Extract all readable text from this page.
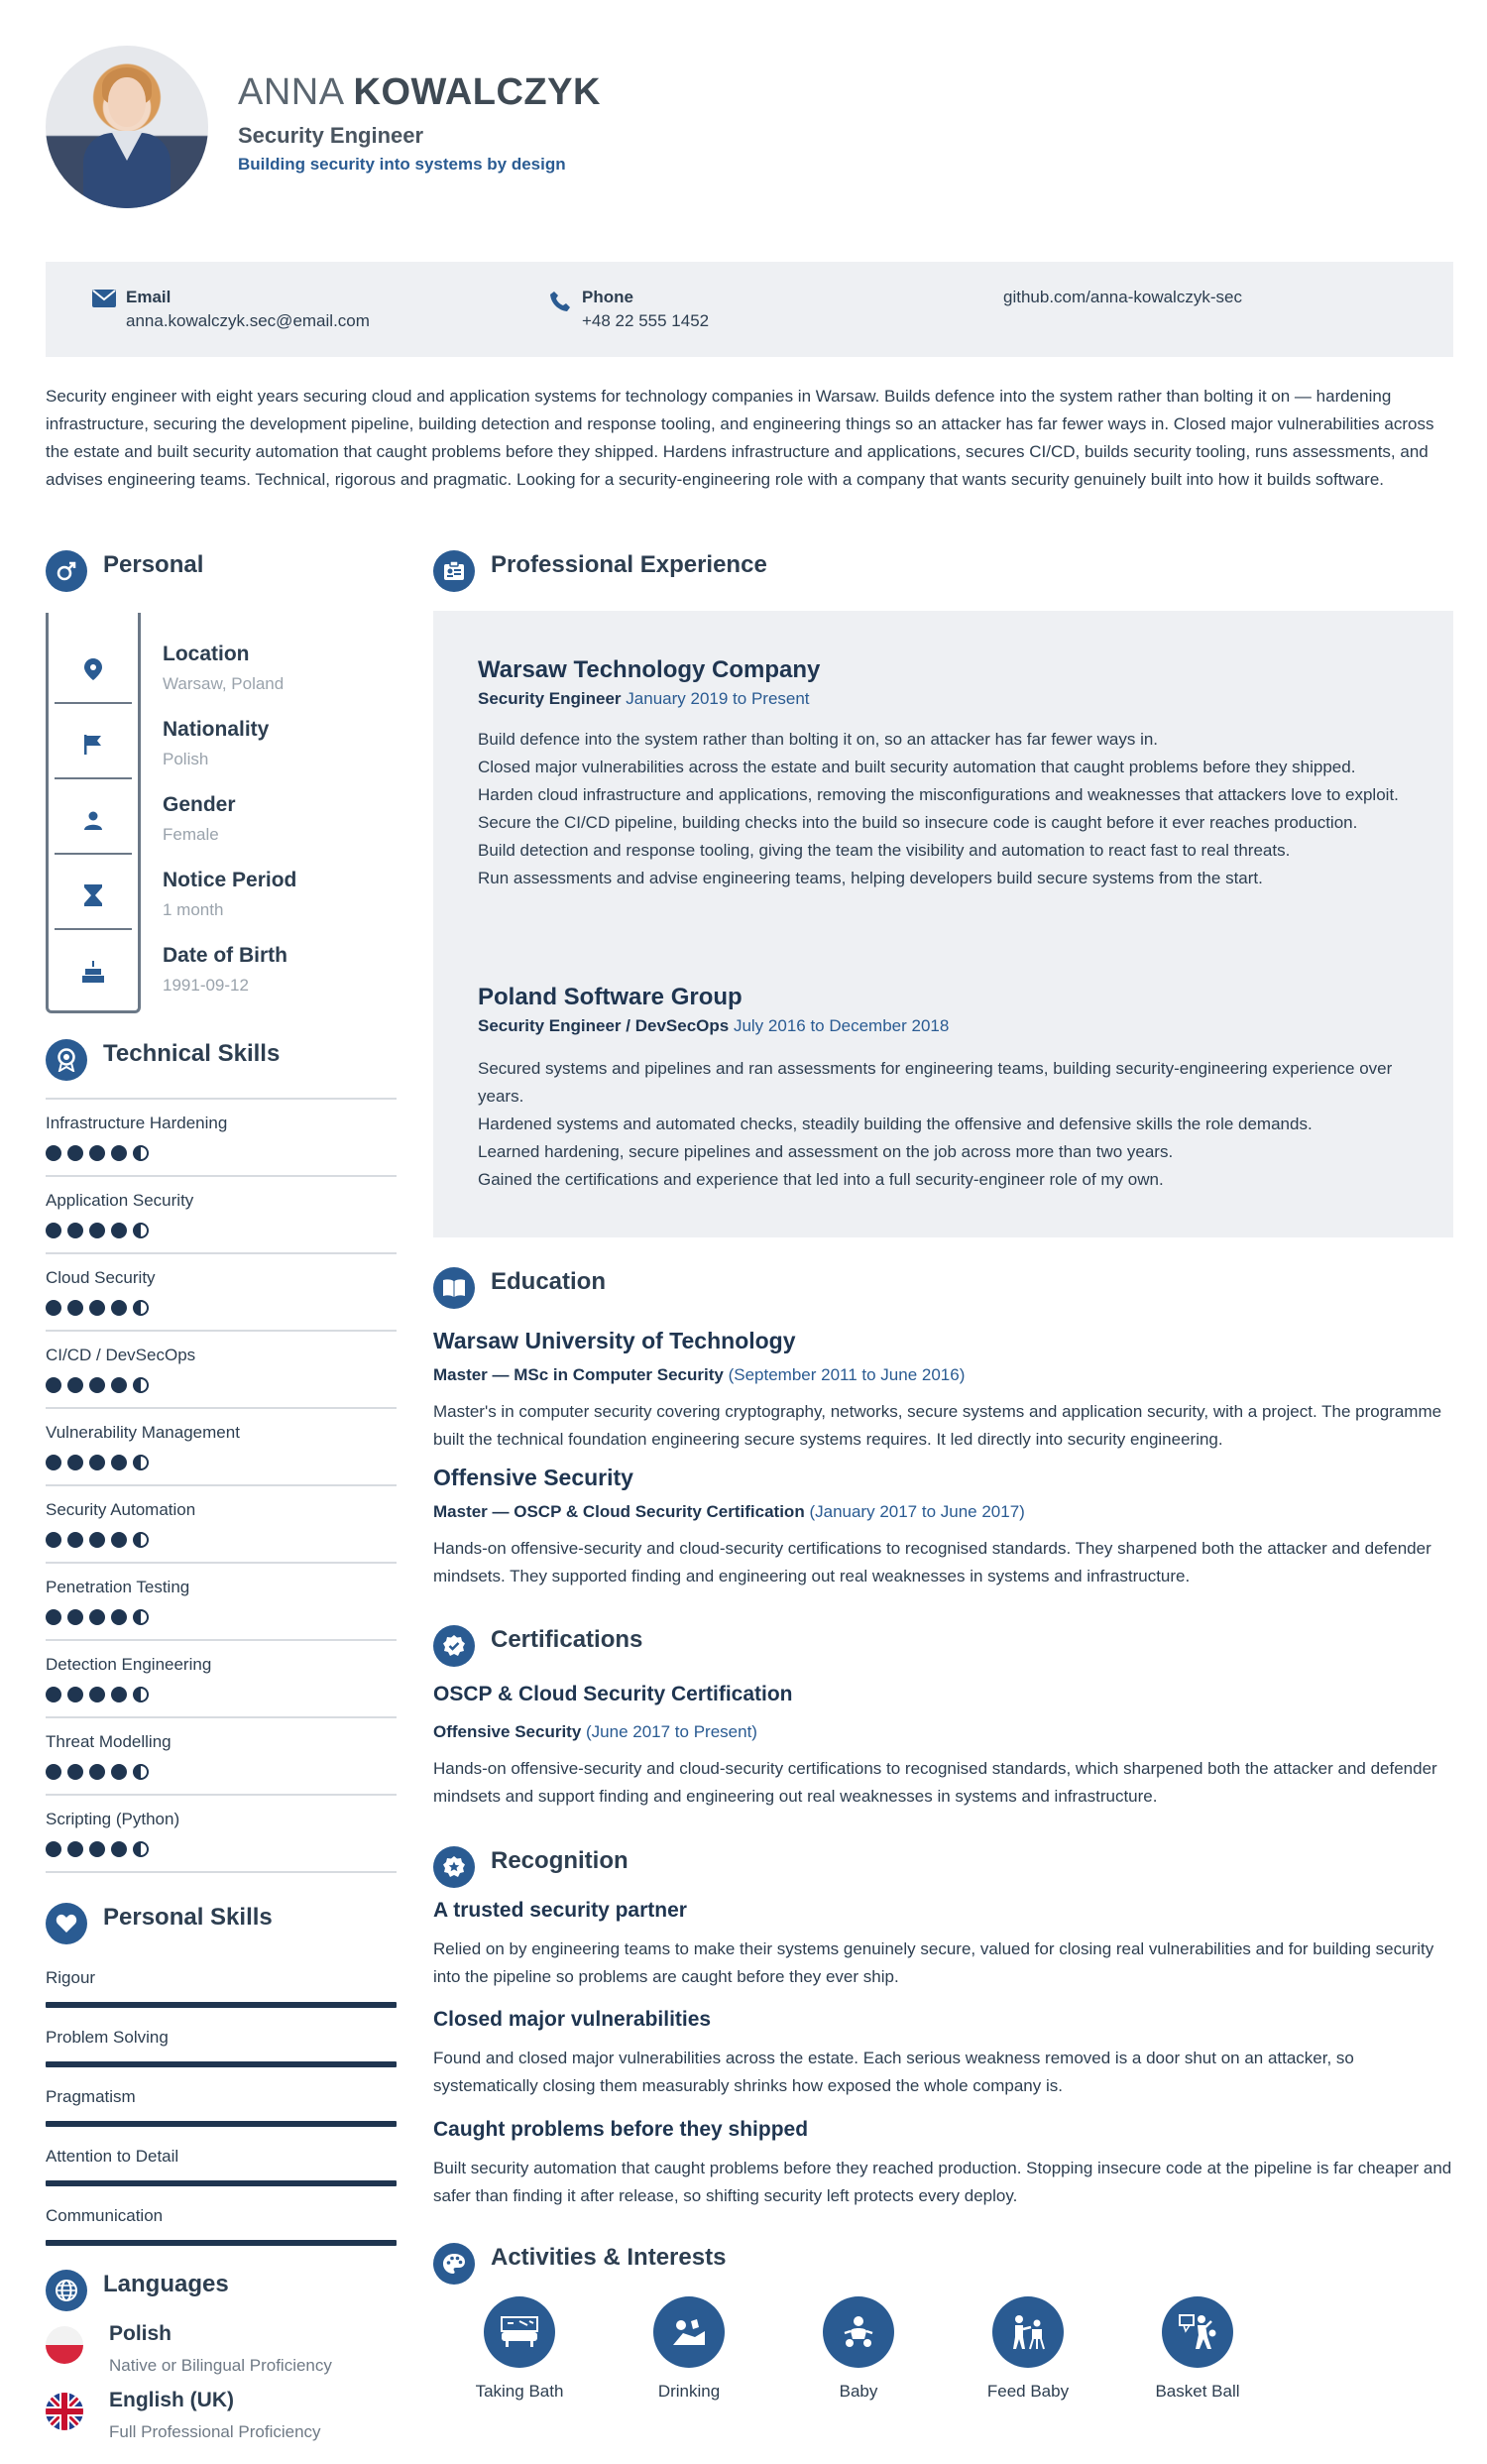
ANNA KOWALCZYK
Security Engineer
Building security into systems by design
Email
anna.kowalczyk.sec@email.com
Phone
+48 22 555 1452
github.com/anna-kowalczyk-sec
Security engineer with eight years securing cloud and application systems for technology companies in Warsaw. Builds defence into the system rather than bolting it on — hardening infrastructure, securing the development pipeline, building detection and response tooling, and engineering things so an attacker has far fewer ways in. Closed major vulnerabilities across the estate and built security automation that caught problems before they shipped. Hardens infrastructure and applications, secures CI/CD, builds security tooling, runs assessments, and advises engineering teams. Technical, rigorous and pragmatic. Looking for a security-engineering role with a company that wants security genuinely built into how it builds software.
Personal
Location
Warsaw, Poland
Nationality
Polish
Gender
Female
Notice Period
1 month
Date of Birth
1991-09-12
Technical Skills
Infrastructure Hardening
Application Security
Cloud Security
CI/CD / DevSecOps
Vulnerability Management
Security Automation
Penetration Testing
Detection Engineering
Threat Modelling
Scripting (Python)
Personal Skills
Rigour
Problem Solving
Pragmatism
Attention to Detail
Communication
Languages
Polish
Native or Bilingual Proficiency
English (UK)
Full Professional Proficiency
Professional Experience
Warsaw Technology Company
Security Engineer January 2019 to Present
Build defence into the system rather than bolting it on, so an attacker has far fewer ways in.
Closed major vulnerabilities across the estate and built security automation that caught problems before they shipped.
Harden cloud infrastructure and applications, removing the misconfigurations and weaknesses that attackers love to exploit.
Secure the CI/CD pipeline, building checks into the build so insecure code is caught before it ever reaches production.
Build detection and response tooling, giving the team the visibility and automation to react fast to real threats.
Run assessments and advise engineering teams, helping developers build secure systems from the start.
Poland Software Group
Security Engineer / DevSecOps July 2016 to December 2018
Secured systems and pipelines and ran assessments for engineering teams, building security-engineering experience over years.
Hardened systems and automated checks, steadily building the offensive and defensive skills the role demands.
Learned hardening, secure pipelines and assessment on the job across more than two years.
Gained the certifications and experience that led into a full security-engineer role of my own.
Education
Warsaw University of Technology
Master — MSc in Computer Security (September 2011 to June 2016)
Master's in computer security covering cryptography, networks, secure systems and application security, with a project. The programme built the technical foundation engineering secure systems requires. It led directly into security engineering.
Offensive Security
Master — OSCP & Cloud Security Certification (January 2017 to June 2017)
Hands-on offensive-security and cloud-security certifications to recognised standards. They sharpened both the attacker and defender mindsets. They supported finding and engineering out real weaknesses in systems and infrastructure.
Certifications
OSCP & Cloud Security Certification
Offensive Security (June 2017 to Present)
Hands-on offensive-security and cloud-security certifications to recognised standards, which sharpened both the attacker and defender mindsets and support finding and engineering out real weaknesses in systems and infrastructure.
Recognition
A trusted security partner
Relied on by engineering teams to make their systems genuinely secure, valued for closing real vulnerabilities and for building security into the pipeline so problems are caught before they ever ship.
Closed major vulnerabilities
Found and closed major vulnerabilities across the estate. Each serious weakness removed is a door shut on an attacker, so systematically closing them measurably shrinks how exposed the whole company is.
Caught problems before they shipped
Built security automation that caught problems before they reached production. Stopping insecure code at the pipeline is far cheaper and safer than finding it after release, so shifting security left protects every deploy.
Activities & Interests
Taking Bath	Drinking	Baby	Feed Baby	Basket Ball
